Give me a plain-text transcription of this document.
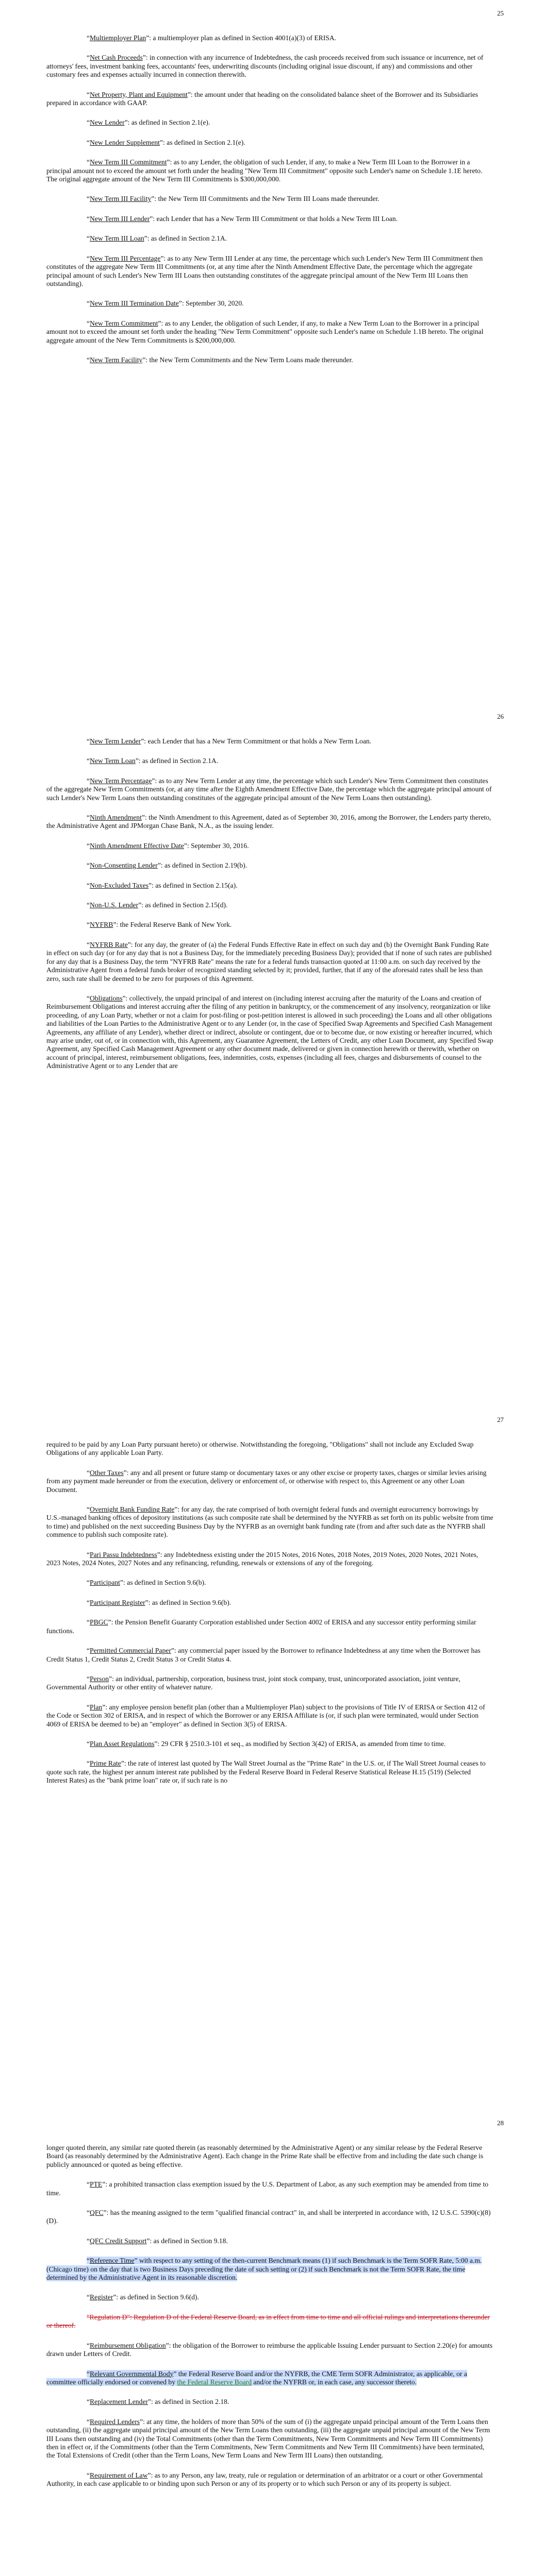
25

“Multiemployer Plan”: a multiemployer plan as defined in Section 4001(a)(3) of ERISA.

“Net Cash Proceeds”: in connection with any incurrence of Indebtedness, the cash proceeds received from such issuance or incurrence, net of attorneys' fees, investment banking fees, accountants' fees, underwriting discounts (including original issue discount, if any) and commissions and other customary fees and expenses actually incurred in connection therewith.

“Net Property, Plant and Equipment”: the amount under that heading on the consolidated balance sheet of the Borrower and its Subsidiaries prepared in accordance with GAAP.

“New Lender”: as defined in Section 2.1(e).

“New Lender Supplement”: as defined in Section 2.1(e).

“New Term III Commitment”: as to any Lender, the obligation of such Lender, if any, to make a New Term III Loan to the Borrower in a principal amount not to exceed the amount set forth under the heading "New Term III Commitment" opposite such Lender's name on Schedule 1.1E hereto. The original aggregate amount of the New Term III Commitments is $300,000,000.

“New Term III Facility”: the New Term III Commitments and the New Term III Loans made thereunder.

“New Term III Lender”: each Lender that has a New Term III Commitment or that holds a New Term III Loan.

“New Term III Loan”: as defined in Section 2.1A.

“New Term III Percentage”: as to any New Term III Lender at any time, the percentage which such Lender's New Term III Commitment then constitutes of the aggregate New Term III Commitments (or, at any time after the Ninth Amendment Effective Date, the percentage which the aggregate principal amount of such Lender's New Term III Loans then outstanding constitutes of the aggregate principal amount of the New Term III Loans then outstanding).

“New Term III Termination Date”: September 30, 2020.

“New Term Commitment”: as to any Lender, the obligation of such Lender, if any, to make a New Term Loan to the Borrower in a principal amount not to exceed the amount set forth under the heading "New Term Commitment" opposite such Lender's name on Schedule 1.1B hereto. The original aggregate amount of the New Term Commitments is $200,000,000.

“New Term Facility”: the New Term Commitments and the New Term Loans made thereunder.

26

“New Term Lender”: each Lender that has a New Term Commitment or that holds a New Term Loan.

“New Term Loan”: as defined in Section 2.1A.

“New Term Percentage”: as to any New Term Lender at any time, the percentage which such Lender's New Term Commitment then constitutes of the aggregate New Term Commitments (or, at any time after the Eighth Amendment Effective Date, the percentage which the aggregate principal amount of such Lender's New Term Loans then outstanding constitutes of the aggregate principal amount of the New Term Loans then outstanding).

“Ninth Amendment”: the Ninth Amendment to this Agreement, dated as of September 30, 2016, among the Borrower, the Lenders party thereto, the Administrative Agent and JPMorgan Chase Bank, N.A., as the issuing lender.

“Ninth Amendment Effective Date”: September 30, 2016.

“Non-Consenting Lender”: as defined in Section 2.19(b).

“Non-Excluded Taxes”: as defined in Section 2.15(a).

“Non-U.S. Lender”: as defined in Section 2.15(d).

“NYFRB”: the Federal Reserve Bank of New York.

“NYFRB Rate”: for any day, the greater of (a) the Federal Funds Effective Rate in effect on such day and (b) the Overnight Bank Funding Rate in effect on such day (or for any day that is not a Business Day, for the immediately preceding Business Day); provided that if none of such rates are published for any day that is a Business Day, the term "NYFRB Rate" means the rate for a federal funds transaction quoted at 11:00 a.m. on such day received by the Administrative Agent from a federal funds broker of recognized standing selected by it; provided, further, that if any of the aforesaid rates shall be less than zero, such rate shall be deemed to be zero for purposes of this Agreement.

“Obligations”: collectively, the unpaid principal of and interest on (including interest accruing after the maturity of the Loans and creation of Reimbursement Obligations and interest accruing after the filing of any petition in bankruptcy, or the commencement of any insolvency, reorganization or like proceeding, of any Loan Party, whether or not a claim for post-filing or post-petition interest is allowed in such proceeding) the Loans and all other obligations and liabilities of the Loan Parties to the Administrative Agent or to any Lender (or, in the case of Specified Swap Agreements and Specified Cash Management Agreements, any affiliate of any Lender), whether direct or indirect, absolute or contingent, due or to become due, or now existing or hereafter incurred, which may arise under, out of, or in connection with, this Agreement, any Guarantee Agreement, the Letters of Credit, any other Loan Document, any Specified Swap Agreement, any Specified Cash Management Agreement or any other document made, delivered or given in connection herewith or therewith, whether on account of principal, interest, reimbursement obligations, fees, indemnities, costs, expenses (including all fees, charges and disbursements of counsel to the Administrative Agent or to any Lender that are

27

required to be paid by any Loan Party pursuant hereto) or otherwise. Notwithstanding the foregoing, "Obligations" shall not include any Excluded Swap Obligations of any applicable Loan Party.

“Other Taxes”: any and all present or future stamp or documentary taxes or any other excise or property taxes, charges or similar levies arising from any payment made hereunder or from the execution, delivery or enforcement of, or otherwise with respect to, this Agreement or any other Loan Document.

“Overnight Bank Funding Rate”: for any day, the rate comprised of both overnight federal funds and overnight eurocurrency borrowings by U.S.-managed banking offices of depository institutions (as such composite rate shall be determined by the NYFRB as set forth on its public website from time to time) and published on the next succeeding Business Day by the NYFRB as an overnight bank funding rate (from and after such date as the NYFRB shall commence to publish such composite rate).

“Pari Passu Indebtedness”: any Indebtedness existing under the 2015 Notes, 2016 Notes, 2018 Notes, 2019 Notes, 2020 Notes, 2021 Notes, 2023 Notes, 2024 Notes, 2027 Notes and any refinancing, refunding, renewals or extensions of any of the foregoing.

“Participant”: as defined in Section 9.6(b).

“Participant Register”: as defined in Section 9.6(b).

“PBGC”: the Pension Benefit Guaranty Corporation established under Section 4002 of ERISA and any successor entity performing similar functions.

“Permitted Commercial Paper”: any commercial paper issued by the Borrower to refinance Indebtedness at any time when the Borrower has Credit Status 1, Credit Status 2, Credit Status 3 or Credit Status 4.

“Person”: an individual, partnership, corporation, business trust, joint stock company, trust, unincorporated association, joint venture, Governmental Authority or other entity of whatever nature.

“Plan”: any employee pension benefit plan (other than a Multiemployer Plan) subject to the provisions of Title IV of ERISA or Section 412 of the Code or Section 302 of ERISA, and in respect of which the Borrower or any ERISA Affiliate is (or, if such plan were terminated, would under Section 4069 of ERISA be deemed to be) an "employer" as defined in Section 3(5) of ERISA.

“Plan Asset Regulations”: 29 CFR § 2510.3-101 et seq., as modified by Section 3(42) of ERISA, as amended from time to time.

“Prime Rate”: the rate of interest last quoted by The Wall Street Journal as the "Prime Rate" in the U.S. or, if The Wall Street Journal ceases to quote such rate, the highest per annum interest rate published by the Federal Reserve Board in Federal Reserve Statistical Release H.15 (519) (Selected Interest Rates) as the "bank prime loan" rate or, if such rate is no

28

longer quoted therein, any similar rate quoted therein (as reasonably determined by the Administrative Agent) or any similar release by the Federal Reserve Board (as reasonably determined by the Administrative Agent). Each change in the Prime Rate shall be effective from and including the date such change is publicly announced or quoted as being effective.

“PTE”: a prohibited transaction class exemption issued by the U.S. Department of Labor, as any such exemption may be amended from time to time.

“QFC”: has the meaning assigned to the term "qualified financial contract" in, and shall be interpreted in accordance with, 12 U.S.C. 5390(c)(8)(D).

“QFC Credit Support”: as defined in Section 9.18.

“Reference Time” with respect to any setting of the then-current Benchmark means (1) if such Benchmark is the Term SOFR Rate, 5:00 a.m. (Chicago time) on the day that is two Business Days preceding the date of such setting or (2) if such Benchmark is not the Term SOFR Rate, the time determined by the Administrative Agent in its reasonable discretion.

“Register”: as defined in Section 9.6(d).

"Regulation D": Regulation D of the Federal Reserve Board, as in effect from time to time and all official rulings and interpretations thereunder or thereof.

“Reimbursement Obligation”: the obligation of the Borrower to reimburse the applicable Issuing Lender pursuant to Section 2.20(e) for amounts drawn under Letters of Credit.

“Relevant Governmental Body” the Federal Reserve Board and/or the NYFRB, the CME Term SOFR Administrator, as applicable, or a committee officially endorsed or convened by the Federal Reserve Board and/or the NYFRB or, in each case, any successor thereto.

“Replacement Lender”: as defined in Section 2.18.

“Required Lenders”: at any time, the holders of more than 50% of the sum of (i) the aggregate unpaid principal amount of the Term Loans then outstanding, (ii) the aggregate unpaid principal amount of the New Term Loans then outstanding, (iii) the aggregate unpaid principal amount of the New Term III Loans then outstanding and (iv) the Total Commitments (other than the Term Commitments, New Term Commitments and New Term III Commitments) then in effect or, if the Commitments (other than the Term Commitments, New Term Commitments and New Term III Commitments) have been terminated, the Total Extensions of Credit (other than the Term Loans, New Term Loans and New Term III Loans) then outstanding.

“Requirement of Law”: as to any Person, any law, treaty, rule or regulation or determination of an arbitrator or a court or other Governmental Authority, in each case applicable to or binding upon such Person or any of its property or to which such Person or any of its property is subject.
